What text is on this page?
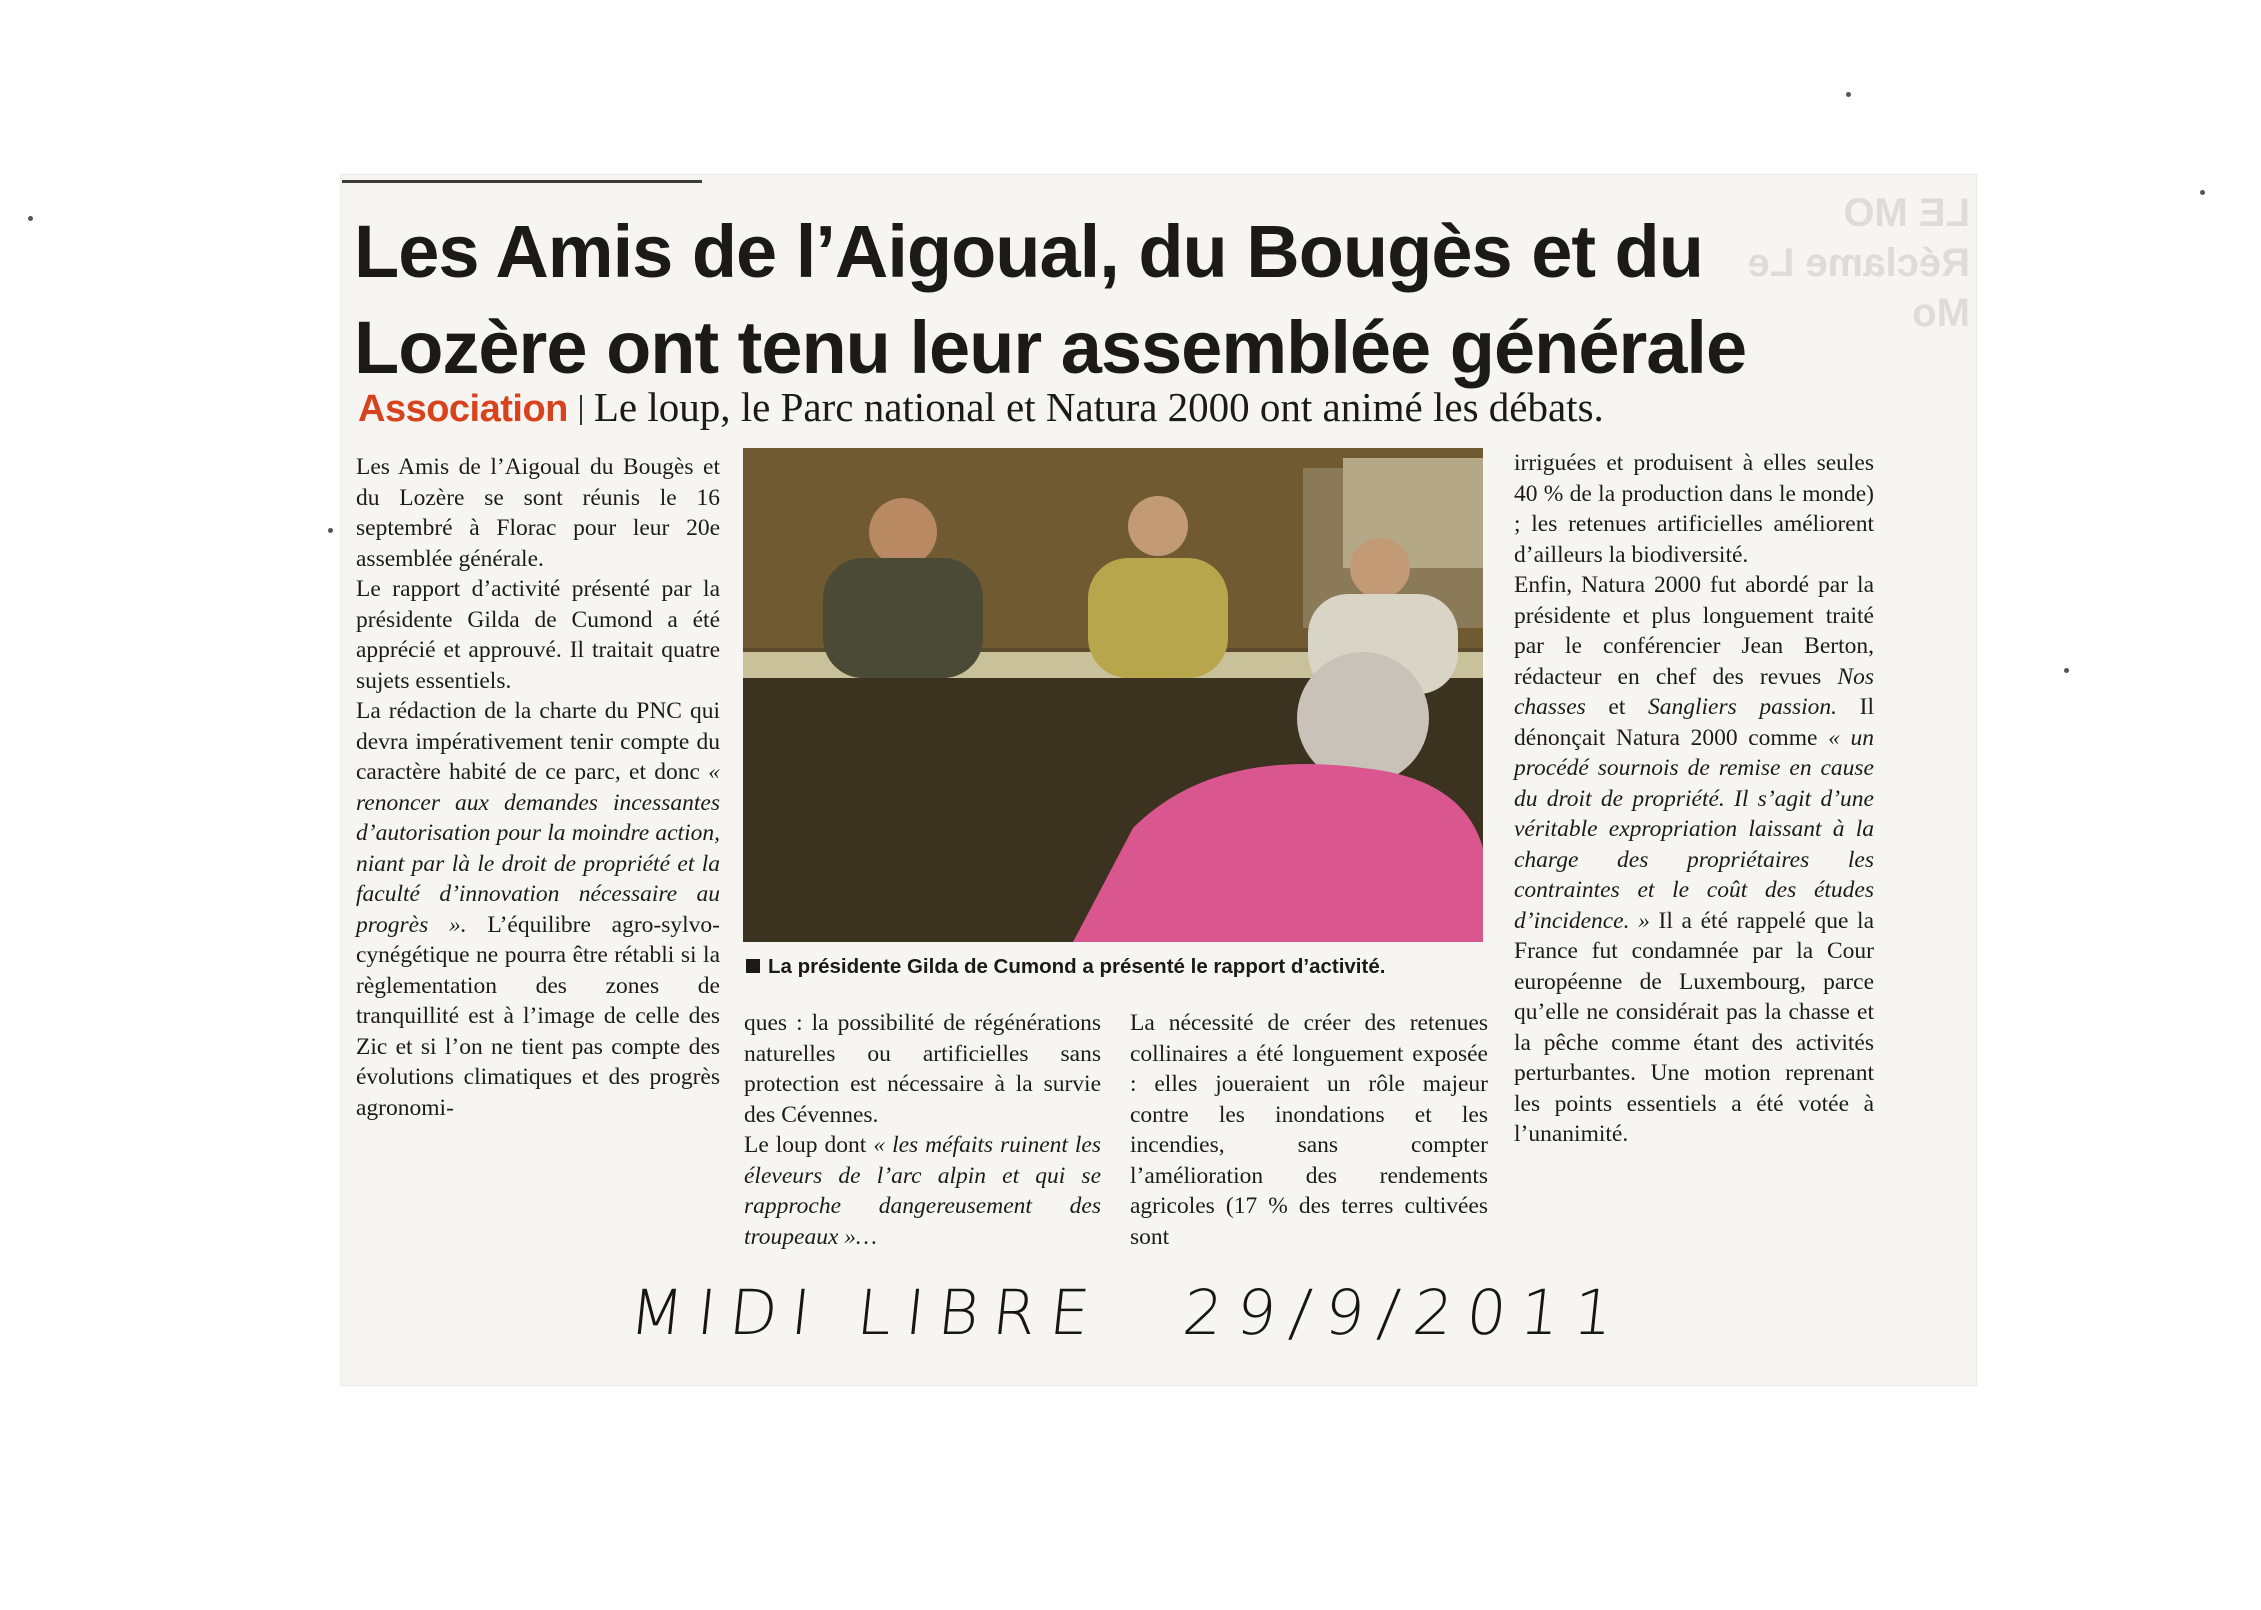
LE MO Réclame Le Mo
Les Amis de l’Aigoual, du Bougès et du Lozère ont tenu leur assemblée générale
Association Le loup, le Parc national et Natura 2000 ont animé les débats.

Les Amis de l’Aigoual du Bougès et du Lozère se sont réunis le 16 septembré à Florac pour leur 20e assemblée générale.

Le rapport d’activité présenté par la présidente Gilda de Cumond a été apprécié et approuvé. Il traitait quatre sujets essentiels.

La rédaction de la charte du PNC qui devra impérativement tenir compte du caractère habité de ce parc, et donc « renoncer aux demandes incessantes d’autorisation pour la moindre action, niant par là le droit de propriété et la faculté d’innovation nécessaire au progrès ». L’équilibre agro-sylvo-cynégétique ne pourra être rétabli si la règlementation des zones de tranquillité est à l’image de celle des Zic et si l’on ne tient pas compte des évolutions climatiques et des progrès agronomi-

La présidente Gilda de Cumond a présenté le rapport d’activité.

ques : la possibilité de régénérations naturelles ou artificielles sans protection est nécessaire à la survie des Cévennes.

Le loup dont « les méfaits ruinent les éleveurs de l’arc alpin et qui se rapproche dangereusement des troupeaux »…

La nécessité de créer des retenues collinaires a été longuement exposée : elles joueraient un rôle majeur contre les inondations et les incendies, sans compter l’amélioration des rendements agricoles (17 % des terres cultivées sont

irriguées et produisent à elles seules 40 % de la production dans le monde) ; les retenues artificielles améliorent d’ailleurs la biodiversité.

Enfin, Natura 2000 fut abordé par la présidente et plus longuement traité par le conférencier Jean Berton, rédacteur en chef des revues Nos chasses et Sangliers passion. Il dénonçait Natura 2000 comme « un procédé sournois de remise en cause du droit de propriété. Il s’agit d’une véritable expropriation laissant à la charge des propriétaires les contraintes et le coût des études d’incidence. » Il a été rappelé que la France fut condamnée par la Cour européenne de Luxembourg, parce qu’elle ne considérait pas la chasse et la pêche comme étant des activités perturbantes. Une motion reprenant les points essentiels a été votée à l’unanimité.

MIDI LIBRE 29/9/2011
